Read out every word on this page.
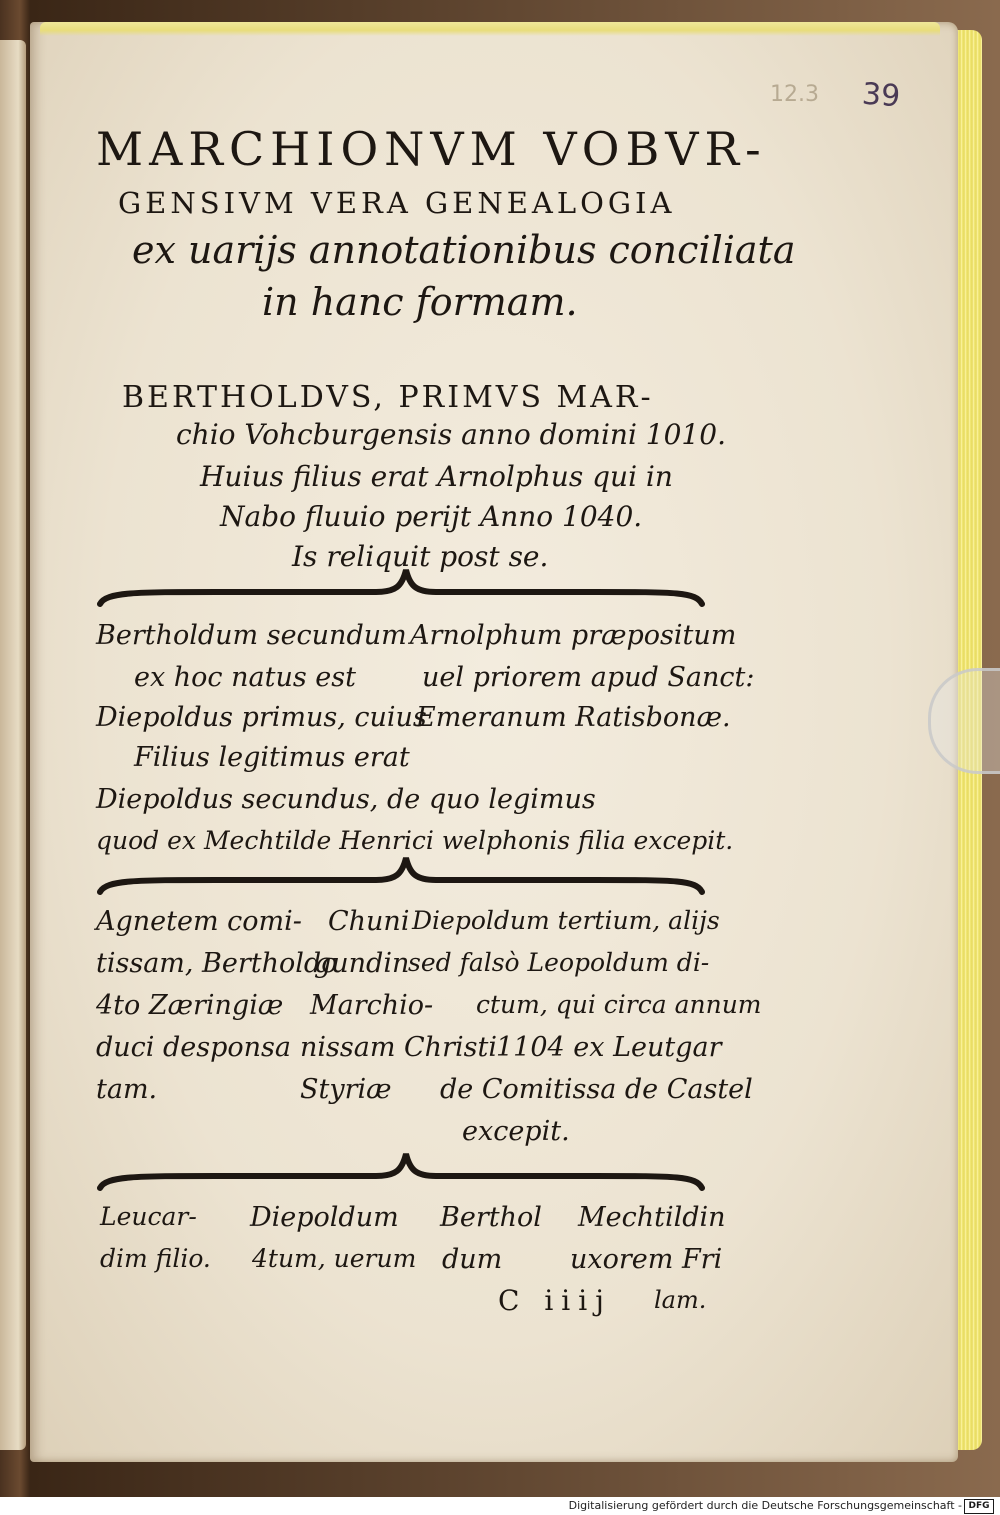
12.3 39
MARCHIONVM VOBVR-
GENSIVM VERA GENEALOGIA
ex uarijs annotationibus conciliata
in hanc formam.
BERTHOLDVS, PRIMVS MAR-
chio Vohcburgensis anno domini 1010.
Huius filius erat Arnolphus qui in
Nabo fluuio perijt Anno 1040.
Is reliquit post se.
Bertholdum secundum
ex hoc natus est
Diepoldus primus, cuius
Filius legitimus erat
Diepoldus secundus, de quo legimus
quod ex Mechtilde Henrici welphonis filia excepit.
Arnolphum præpositum
uel priorem apud Sanct:
Emeranum Ratisbonæ.
Agnetem comi-
tissam, Bertholdo
4to Zæringiæ
duci desponsa
tam.
Chuni
gundin
Marchio-
nissam Christi
Styriæ
Diepoldum tertium, alijs
sed falsò Leopoldum di-
ctum, qui circa annum
1104 ex Leutgar
de Comitissa de Castel
excepit.
Leucar-
dim filio.
Diepoldum
4tum, uerum
Berthol
dum
Mechtildin
uxorem Fri
lam.
C iiij
Digitalisierung gefördert durch die Deutsche Forschungsgemeinschaft - DFG
